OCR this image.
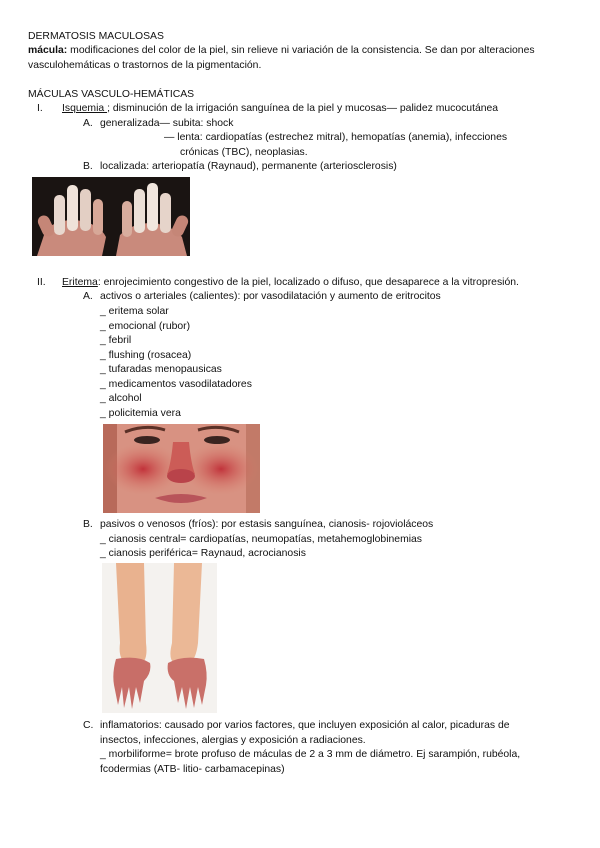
DERMATOSIS MACULOSAS
mácula: modificaciones del color de la piel, sin relieve ni variación de la consistencia. Se dan por alteraciones
vasculohemáticas o trastornos de la pigmentación.
MÁCULAS VASCULO-HEMÁTICAS
I. Isquemia ; disminución de la irrigación sanguínea de la piel y mucosas— palidez mucocutánea
A. generalizada— subita: shock
— lenta: cardiopatías (estrechez mitral), hemopatías (anemia), infecciones
crónicas (TBC), neoplasias.
B. localizada: arteriopatía (Raynaud), permanente (arteriosclerosis)
II. Eritema: enrojecimiento congestivo de la piel, localizado o difuso, que desaparece a la vitropresión.
A. activos o arteriales (calientes): por vasodilatación y aumento de eritrocitos
_ eritema solar
_ emocional (rubor)
_ febril
_ flushing (rosacea)
_ tufaradas menopausicas
_ medicamentos vasodilatadores
_ alcohol
_ policitemia vera
B. pasivos o venosos (fríos): por estasis sanguínea, cianosis- rojovioláceos
_ cianosis central= cardiopatías, neumopatías, metahemoglobinemias
_ cianosis periférica= Raynaud, acrocianosis
C. inflamatorios: causado por varios factores, que incluyen exposición al calor, picaduras de
insectos, infecciones, alergias y exposición a radiaciones.
_ morbiliforme= brote profuso de máculas de 2 a 3 mm de diámetro. Ej sarampión, rubéola,
fcodermias (ATB- litio- carbamacepinas)
